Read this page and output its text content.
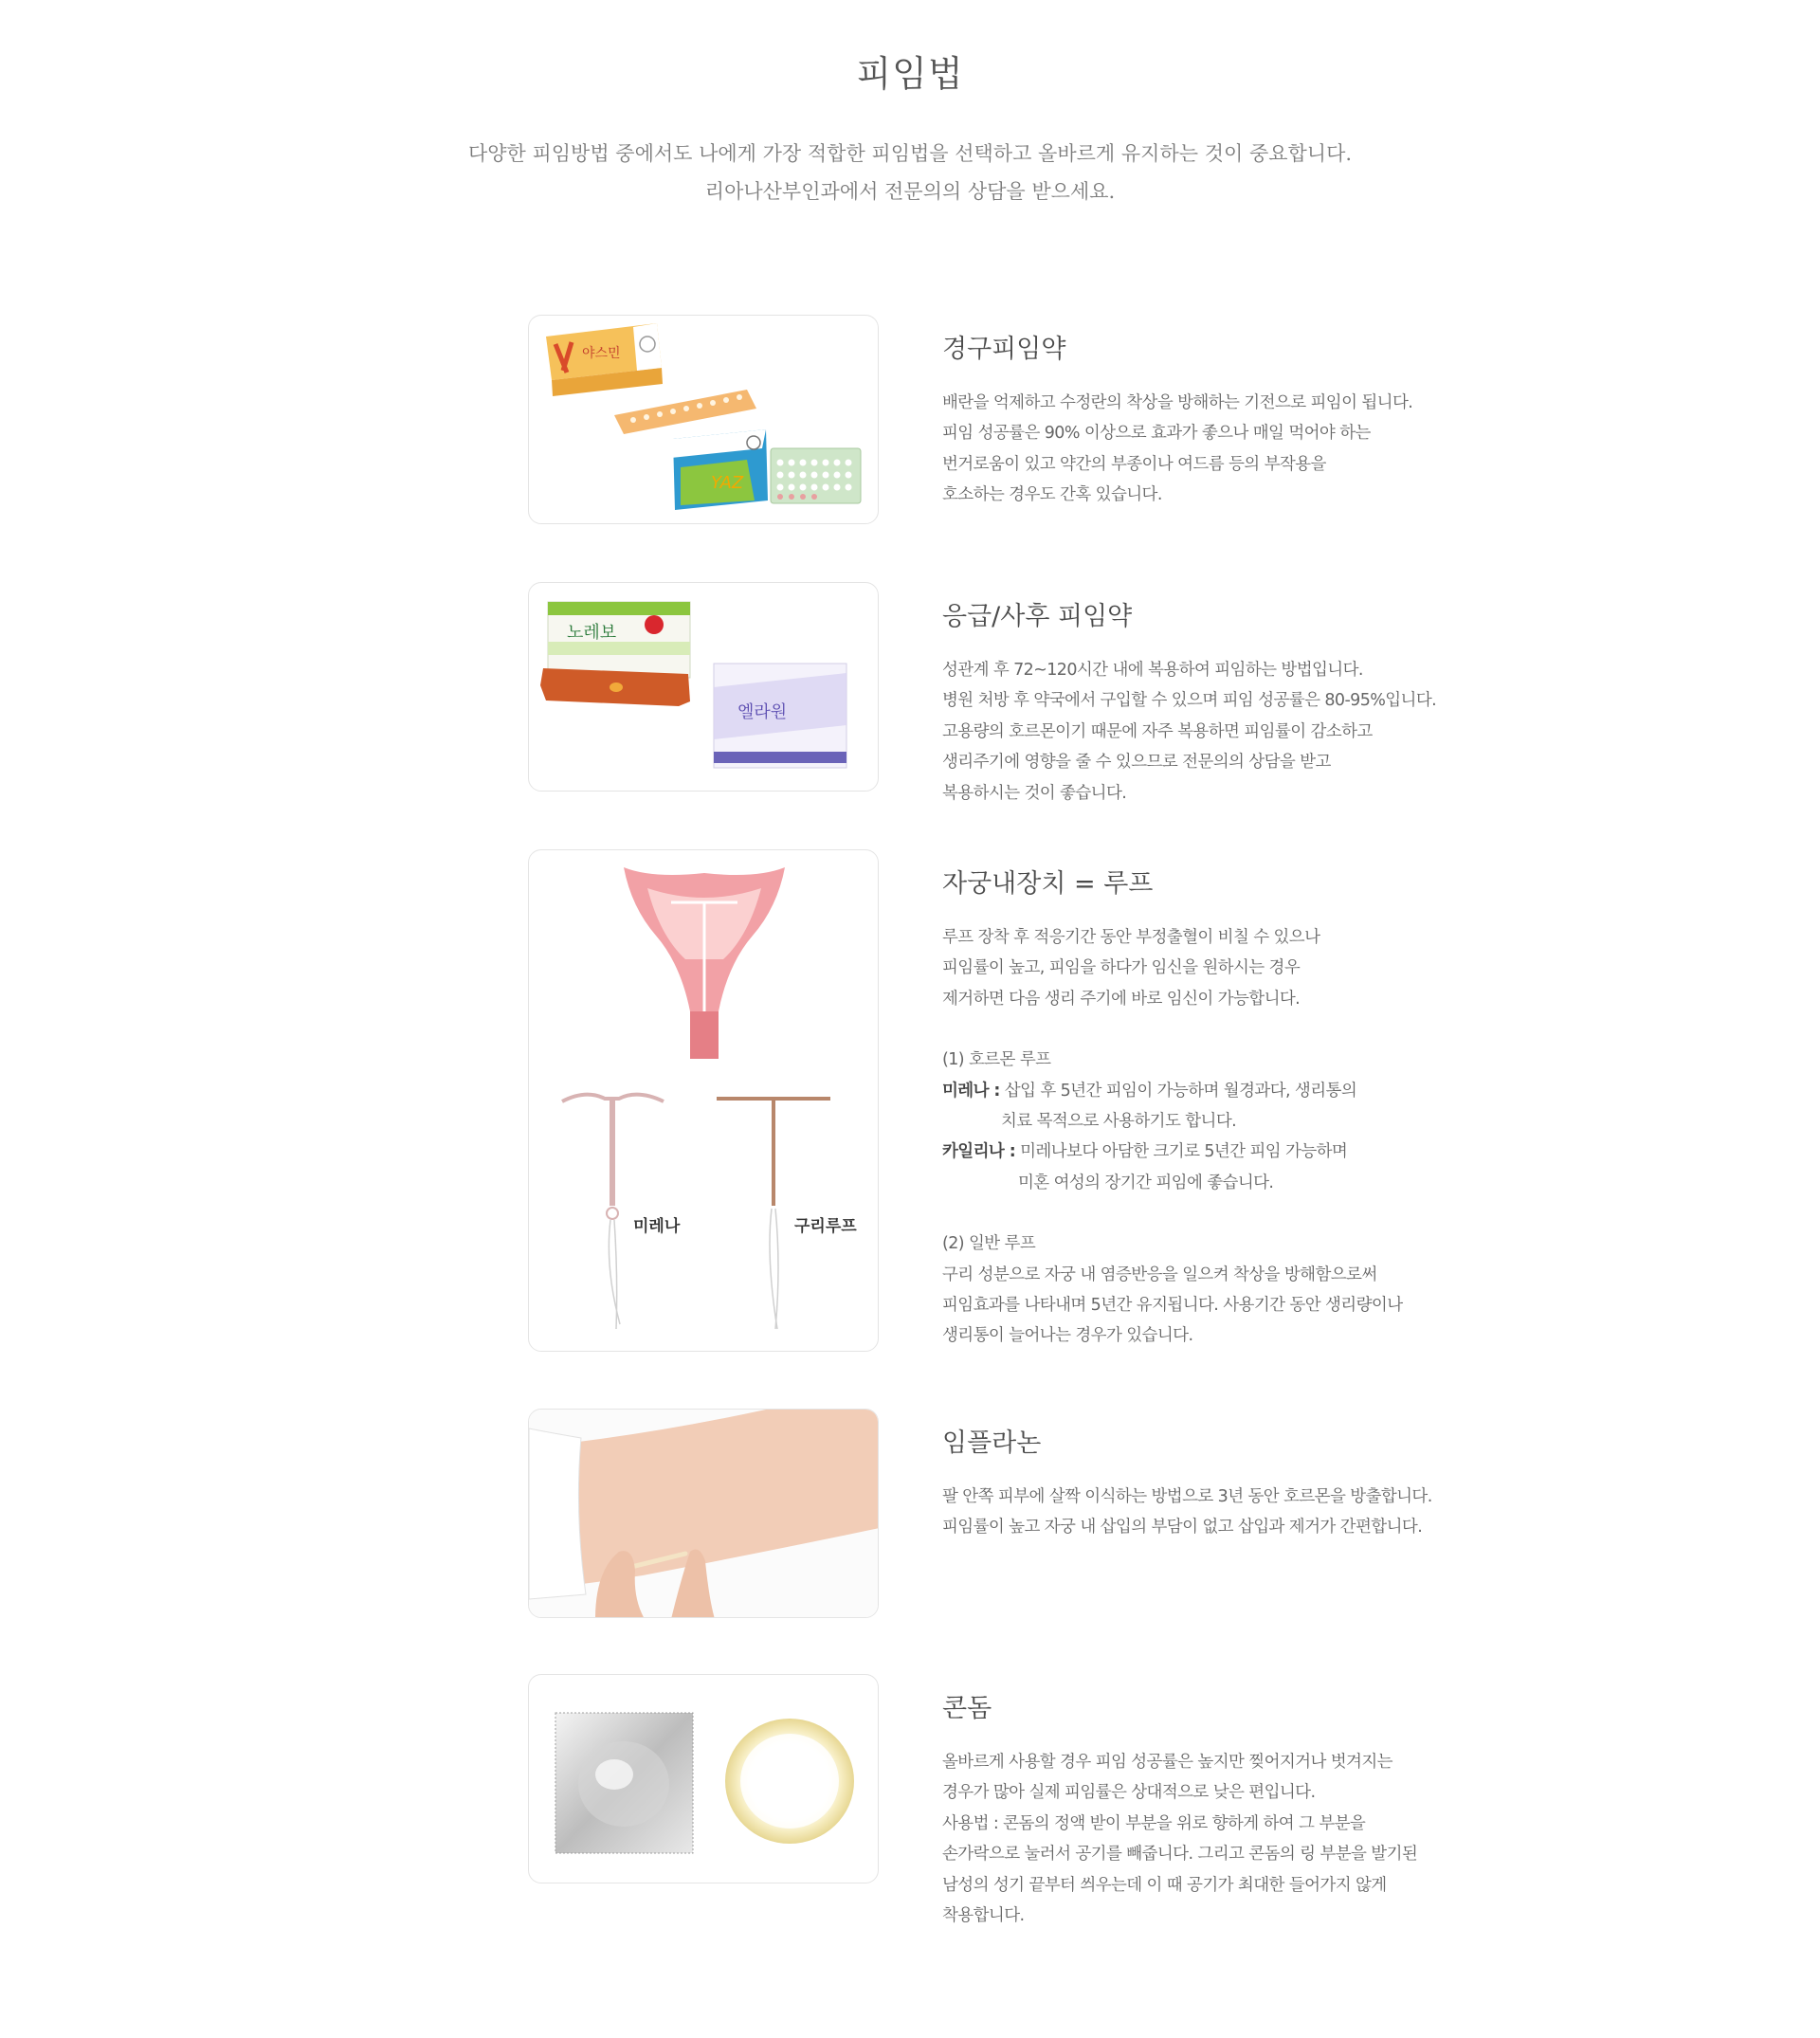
피임법

다양한 피임방법 중에서도 나에게 가장 적합한 피임법을 선택하고 올바르게 유지하는 것이 중요합니다.

리아나산부인과에서 전문의의 상담을 받으세요.

야스민
YAZ
경구피임약

배란을 억제하고 수정란의 착상을 방해하는 기전으로 피임이 됩니다.

피임 성공률은 90% 이상으로 효과가 좋으나 매일 먹어야 하는

번거로움이 있고 약간의 부종이나 여드름 등의 부작용을

호소하는 경우도 간혹 있습니다.

노레보
엘라원
응급/사후 피임약

성관계 후 72~120시간 내에 복용하여 피임하는 방법입니다.

병원 처방 후 약국에서 구입할 수 있으며 피임 성공률은 80-95%입니다.

고용량의 호르몬이기 때문에 자주 복용하면 피임률이 감소하고

생리주기에 영향을 줄 수 있으므로 전문의의 상담을 받고

복용하시는 것이 좋습니다.

미레나	구리루프
자궁내장치 = 루프

루프 장착 후 적응기간 동안 부정출혈이 비칠 수 있으나

피임률이 높고, 피임을 하다가 임신을 원하시는 경우

제거하면 다음 생리 주기에 바로 임신이 가능합니다.

(1) 호르몬 루프

미레나 : 삽입 후 5년간 피임이 가능하며 월경과다, 생리통의

치료 목적으로 사용하기도 합니다.

카일리나 : 미레나보다 아담한 크기로 5년간 피임 가능하며

미혼 여성의 장기간 피임에 좋습니다.

(2) 일반 루프

구리 성분으로 자궁 내 염증반응을 일으켜 착상을 방해함으로써

피임효과를 나타내며 5년간 유지됩니다. 사용기간 동안 생리량이나

생리통이 늘어나는 경우가 있습니다.

임플라논

팔 안쪽 피부에 살짝 이식하는 방법으로 3년 동안 호르몬을 방출합니다.

피임률이 높고 자궁 내 삽입의 부담이 없고 삽입과 제거가 간편합니다.

콘돔

올바르게 사용할 경우 피임 성공률은 높지만 찢어지거나 벗겨지는

경우가 많아 실제 피임률은 상대적으로 낮은 편입니다.

사용법 : 콘돔의 정액 받이 부분을 위로 향하게 하여 그 부분을

손가락으로 눌러서 공기를 빼줍니다. 그리고 콘돔의 링 부분을 발기된

남성의 성기 끝부터 씌우는데 이 때 공기가 최대한 들어가지 않게

착용합니다.
